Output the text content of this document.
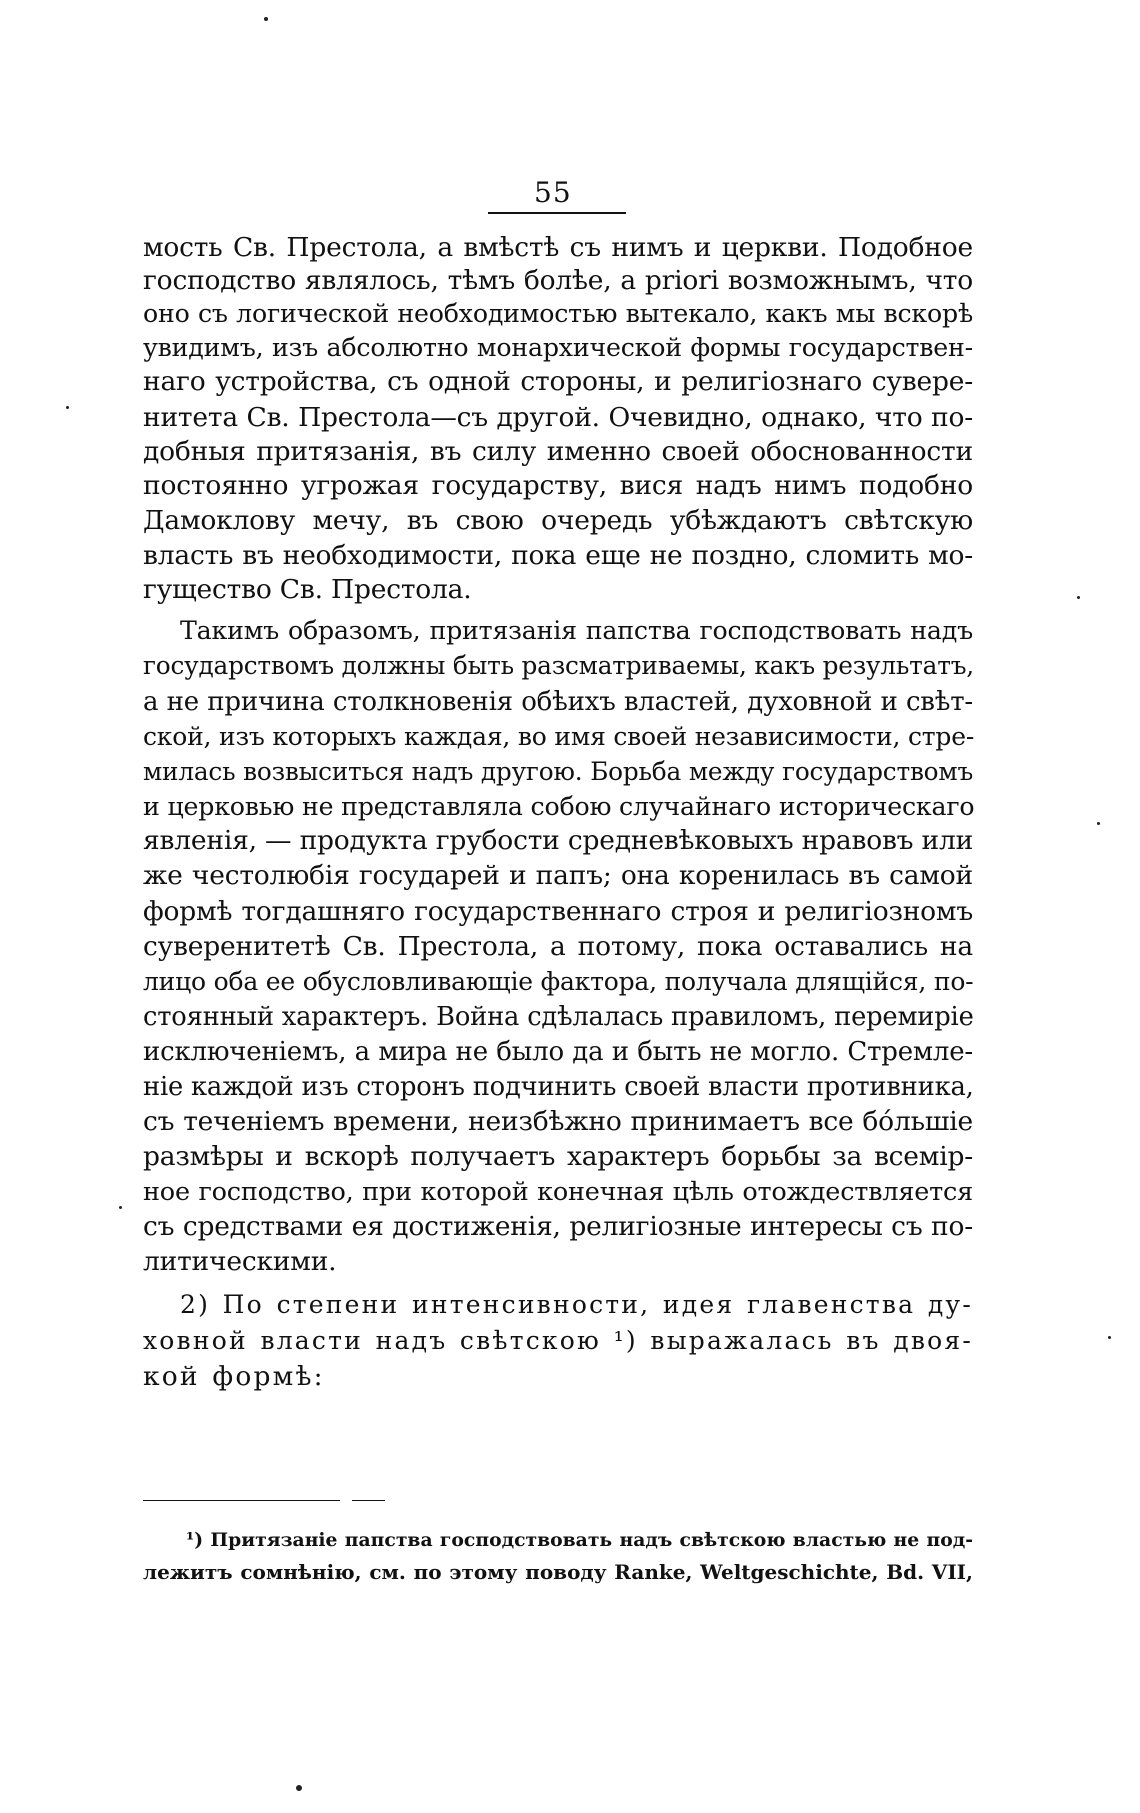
55
мость Св. Престола, а вмѣстѣ съ нимъ и церкви. Подобное
господство являлось, тѣмъ болѣе, a priori возможнымъ, что
оно съ логической необходимостью вытекало, какъ мы вскорѣ
увидимъ, изъ абсолютно монархической формы государствен-
наго устройства, съ одной стороны, и религіознаго сувере-
нитета Св. Престола—съ другой. Очевидно, однако, что по-
добныя притязанія, въ силу именно своей обоснованности
постоянно угрожая государству, вися надъ нимъ подобно
Дамоклову мечу, въ свою очередь убѣждаютъ свѣтскую
власть въ необходимости, пока еще не поздно, сломить мо-
гущество Св. Престола.
Такимъ образомъ, притязанія папства господствовать надъ
государствомъ должны быть разсматриваемы, какъ результатъ,
а не причина столкновенія обѣихъ властей, духовной и свѣт-
ской, изъ которыхъ каждая, во имя своей независимости, стре-
милась возвыситься надъ другою. Борьба между государствомъ
и церковью не представляла собою случайнаго историческаго
явленія, — продукта грубости средневѣковыхъ нравовъ или
же честолюбія государей и папъ; она коренилась въ самой
формѣ тогдашняго государственнаго строя и религіозномъ
суверенитетѣ Св. Престола, а потому, пока оставались на
лицо оба ее обусловливающіе фактора, получала длящійся, по-
стоянный характеръ. Война сдѣлалась правиломъ, перемиріе
исключеніемъ, а мира не было да и быть не могло. Стремле-
ніе каждой изъ сторонъ подчинить своей власти противника,
съ теченіемъ времени, неизбѣжно принимаетъ все бóльшіе
размѣры и вскорѣ получаетъ характеръ борьбы за всемір-
ное господство, при которой конечная цѣль отождествляется
съ средствами ея достиженія, религіозные интересы съ по-
литическими.
2) По степени интенсивности, идея главенства ду-
ховной власти надъ свѣтскою ¹) выражалась въ двоя-
кой формѣ:
¹) Притязаніе папства господствовать надъ свѣтскою властью не под-
лежитъ сомнѣнію, см. по этому поводу Ranke, Weltgeschichte, Bd. VII,
